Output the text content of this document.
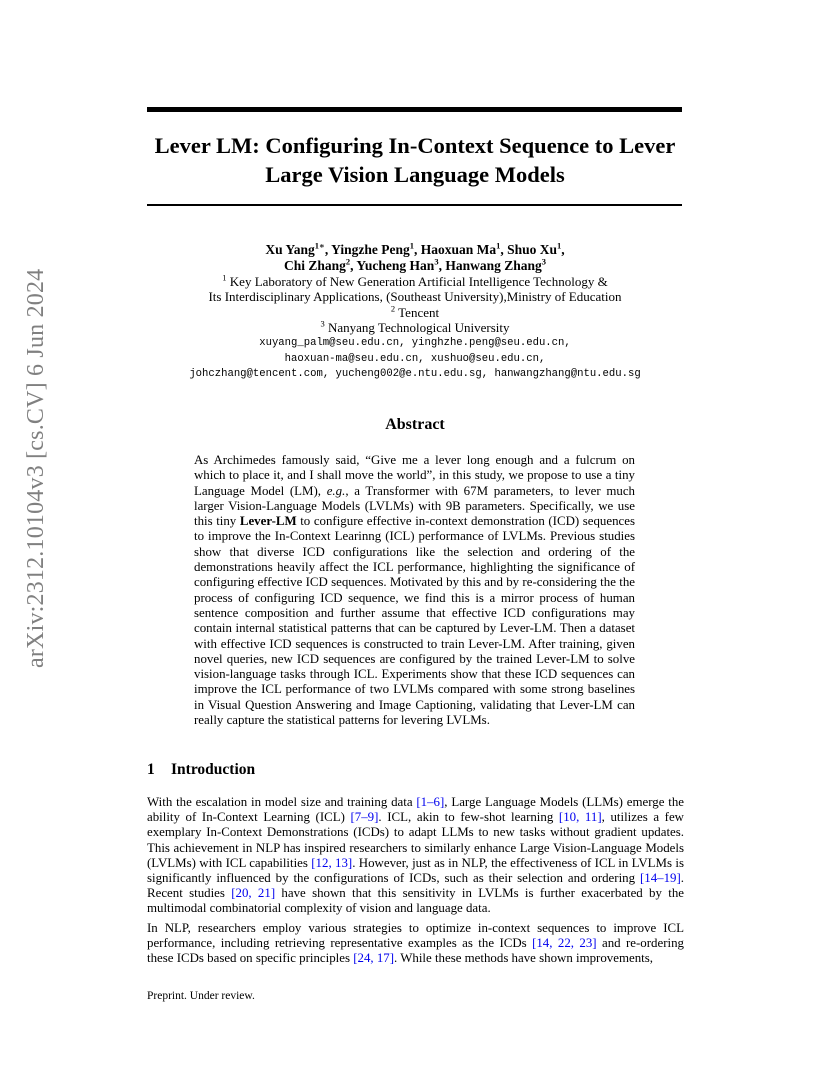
arXiv:2312.10104v3 [cs.CV] 6 Jun 2024
Lever LM: Configuring In-Context Sequence to Lever
Large Vision Language Models
Xu Yang$^{1∗}$, Yingzhe Peng$^1$, Haoxuan Ma$^1$, Shuo Xu$^1$,
Chi Zhang$^2$, Yucheng Han$^3$, Hanwang Zhang$^3$
$^1$ Key Laboratory of New Generation Artificial Intelligence Technology &
Its Interdisciplinary Applications, (Southeast University),Ministry of Education
$^2$ Tencent
$^3$ Nanyang Technological University
xuyang_palm@seu.edu.cn, yinghzhe.peng@seu.edu.cn,
haoxuan-ma@seu.edu.cn, xushuo@seu.edu.cn,
johczhang@tencent.com, yucheng002@e.ntu.edu.sg, hanwangzhang@ntu.edu.sg
Abstract

As Archimedes famously said, “Give me a lever long enough and a fulcrum on which to place it, and I shall move the world”, in this study, we propose to use a tiny Language Model (LM), e.g., a Transformer with 67M parameters, to lever much larger Vision-Language Models (LVLMs) with 9B parameters. Specifically, we use this tiny Lever-LM to configure effective in-context demonstration (ICD) sequences to improve the In-Context Learinng (ICL) performance of LVLMs. Previous studies show that diverse ICD configurations like the selection and ordering of the demonstrations heavily affect the ICL performance, highlighting the significance of configuring effective ICD sequences. Motivated by this and by re-considering the the process of configuring ICD sequence, we find this is a mirror process of human sentence composition and further assume that effective ICD configurations may contain internal statistical patterns that can be captured by Lever-LM. Then a dataset with effective ICD sequences is constructed to train Lever-LM. After training, given novel queries, new ICD sequences are configured by the trained Lever-LM to solve vision-language tasks through ICL. Experiments show that these ICD sequences can improve the ICL performance of two LVLMs compared with some strong baselines in Visual Question Answering and Image Captioning, validating that Lever-LM can really capture the statistical patterns for levering LVLMs.

1 Introduction

With the escalation in model size and training data [1–6], Large Language Models (LLMs) emerge the ability of In-Context Learning (ICL) [7–9]. ICL, akin to few-shot learning [10, 11], utilizes a few exemplary In-Context Demonstrations (ICDs) to adapt LLMs to new tasks without gradient updates. This achievement in NLP has inspired researchers to similarly enhance Large Vision-Language Models (LVLMs) with ICL capabilities [12, 13]. However, just as in NLP, the effectiveness of ICL in LVLMs is significantly influenced by the configurations of ICDs, such as their selection and ordering [14–19]. Recent studies [20, 21] have shown that this sensitivity in LVLMs is further exacerbated by the multimodal combinatorial complexity of vision and language data.

In NLP, researchers employ various strategies to optimize in-context sequences to improve ICL performance, including retrieving representative examples as the ICDs [14, 22, 23] and re-ordering these ICDs based on specific principles [24, 17]. While these methods have shown improvements,

Preprint. Under review.
